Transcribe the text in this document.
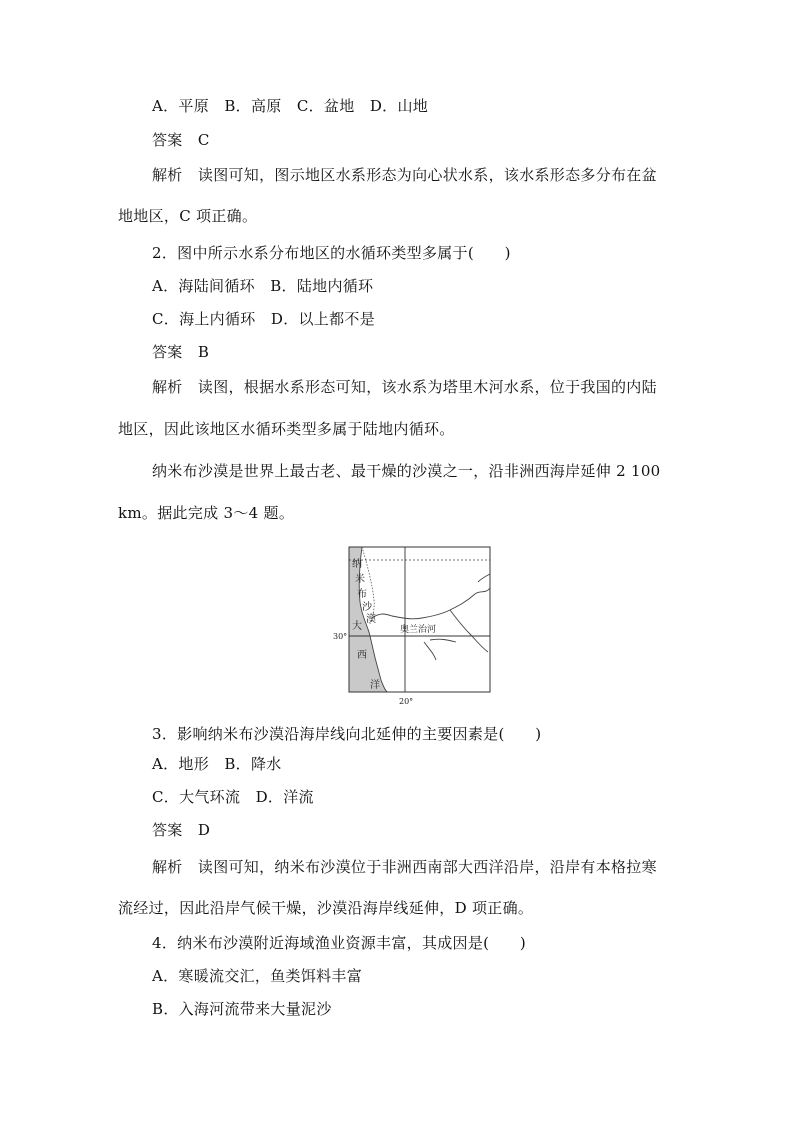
A．平原　B．高原　C．盆地　D．山地
答案　C
解析　读图可知，图示地区水系形态为向心状水系，该水系形态多分布在盆
地地区，C 项正确。
2．图中所示水系分布地区的水循环类型多属于(　　)
A．海陆间循环　B．陆地内循环
C．海上内循环　D．以上都不是
答案　B
解析　读图，根据水系形态可知，该水系为塔里木河水系，位于我国的内陆
地区，因此该地区水循环类型多属于陆地内循环。
纳米布沙漠是世界上最古老、最干燥的沙漠之一，沿非洲西海岸延伸 2 100
km。据此完成 3～4 题。
纳
米
布
沙
漠
大
西
洋
奥兰治河
30°
20°
3．影响纳米布沙漠沿海岸线向北延伸的主要因素是(　　)
A．地形　B．降水
C．大气环流　D．洋流
答案　D
解析　读图可知，纳米布沙漠位于非洲西南部大西洋沿岸，沿岸有本格拉寒
流经过，因此沿岸气候干燥，沙漠沿海岸线延伸，D 项正确。
4．纳米布沙漠附近海域渔业资源丰富，其成因是(　　)
A．寒暖流交汇，鱼类饵料丰富
B．入海河流带来大量泥沙
